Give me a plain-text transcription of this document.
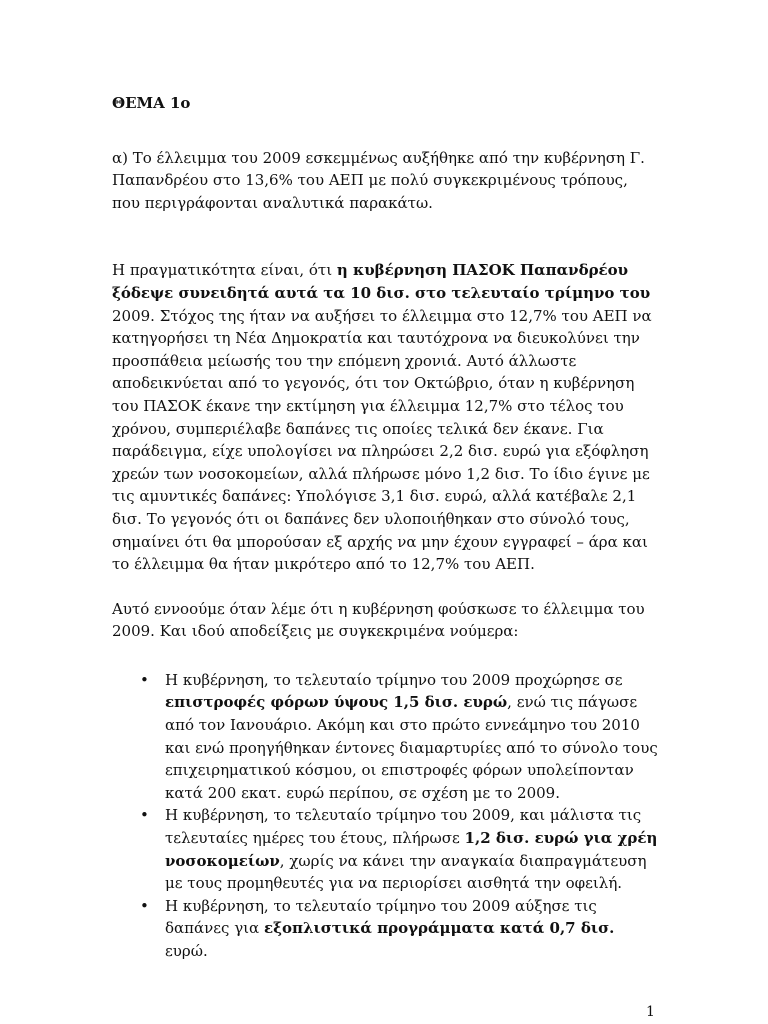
ΘΕΜΑ 1ο

α) Το έλλειμμα του 2009 εσκεμμένως αυξήθηκε από την κυβέρνηση Γ. Παπανδρέου στο 13,6% του ΑΕΠ με πολύ συγκεκριμένους τρόπους, που περιγράφονται αναλυτικά παρακάτω.

Η πραγματικότητα είναι, ότι η κυβέρνηση ΠΑΣΟΚ Παπανδρέου ξόδεψε συνειδητά αυτά τα 10 δισ. στο τελευταίο τρίμηνο του 2009. Στόχος της ήταν να αυξήσει το έλλειμμα στο 12,7% του ΑΕΠ να κατηγορήσει τη Νέα Δημοκρατία και ταυτόχρονα να διευκολύνει την προσπάθεια μείωσής του την επόμενη χρονιά. Αυτό άλλωστε αποδεικνύεται από το γεγονός, ότι τον Οκτώβριο, όταν η κυβέρνηση του ΠΑΣΟΚ έκανε την εκτίμηση για έλλειμμα 12,7% στο τέλος του χρόνου, συμπεριέλαβε δαπάνες τις οποίες τελικά δεν έκανε. Για παράδειγμα, είχε υπολογίσει να πληρώσει 2,2 δισ. ευρώ για εξόφληση χρεών των νοσοκομείων, αλλά πλήρωσε μόνο 1,2 δισ. Το ίδιο έγινε με τις αμυντικές δαπάνες: Υπολόγισε 3,1 δισ. ευρώ, αλλά κατέβαλε 2,1 δισ. Το γεγονός ότι οι δαπάνες δεν υλοποιήθηκαν στο σύνολό τους, σημαίνει ότι θα μπορούσαν εξ αρχής να μην έχουν εγγραφεί – άρα και το έλλειμμα θα ήταν μικρότερο από το 12,7% του ΑΕΠ.

Αυτό εννοούμε όταν λέμε ότι η κυβέρνηση φούσκωσε το έλλειμμα του 2009. Και ιδού αποδείξεις με συγκεκριμένα νούμερα:

• Η κυβέρνηση, το τελευταίο τρίμηνο του 2009 προχώρησε σε επιστροφές φόρων ύψους 1,5 δισ. ευρώ, ενώ τις πάγωσε από τον Ιανουάριο. Ακόμη και στο πρώτο εννεάμηνο του 2010 και ενώ προηγήθηκαν έντονες διαμαρτυρίες από το σύνολο τους επιχειρηματικού κόσμου, οι επιστροφές φόρων υπολείπονταν κατά 200 εκατ. ευρώ περίπου, σε σχέση με το 2009.
• Η κυβέρνηση, το τελευταίο τρίμηνο του 2009, και μάλιστα τις τελευταίες ημέρες του έτους, πλήρωσε 1,2 δισ. ευρώ για χρέη νοσοκομείων, χωρίς να κάνει την αναγκαία διαπραγμάτευση με τους προμηθευτές για να περιορίσει αισθητά την οφειλή.
• Η κυβέρνηση, το τελευταίο τρίμηνο του 2009 αύξησε τις δαπάνες για εξοπλιστικά προγράμματα κατά 0,7 δισ. ευρώ.
1
